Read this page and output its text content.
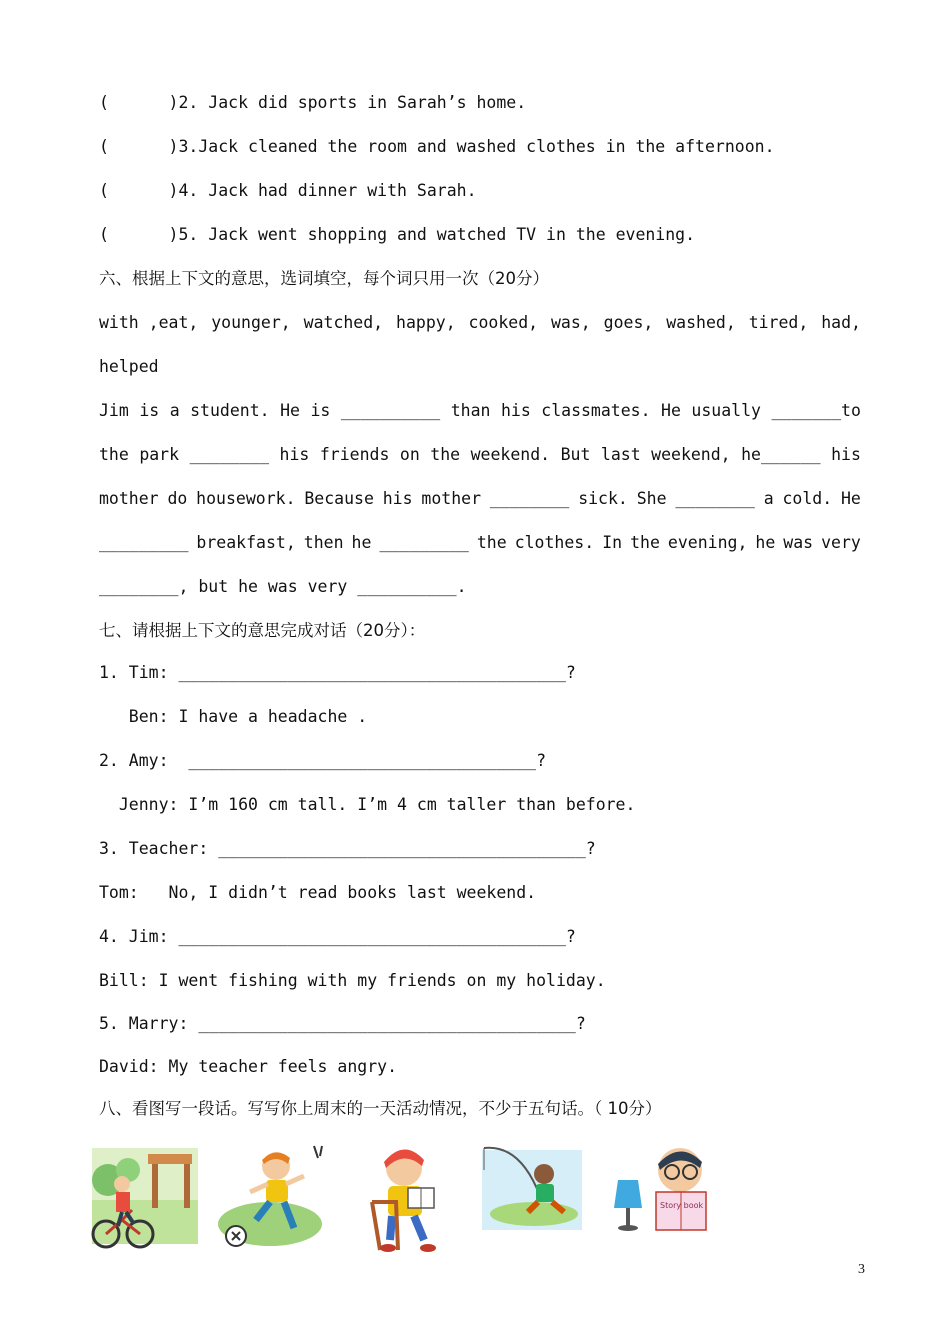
(      )2. Jack did sports in Sarah’s home.
(      )3.Jack cleaned the room and washed clothes in the afternoon.
(      )4. Jack had dinner with Sarah.
(      )5. Jack went shopping and watched TV in the evening.
六、根据上下文的意思，选词填空，每个词只用一次（20分）
with ,eat, younger, watched, happy, cooked, was, goes, washed, tired, had,
helped
Jim is a student. He is __________ than his classmates. He usually _______to
the park ________ his friends on the weekend. But last weekend, he______ his
mother do housework. Because his mother ________ sick. She ________ a cold. He
_________ breakfast, then he _________ the clothes. In the evening, he was very
________, but he was very __________.
七、请根据上下文的意思完成对话（20分）：
1. Tim: _______________________________________?
Ben: I have a headache .
2. Amy:  ___________________________________?
Jenny: I’m 160 cm tall. I’m 4 cm taller than before.
3. Teacher: _____________________________________?
Tom:   No, I didn’t read books last weekend.
4. Jim: _______________________________________?
Bill: I went fishing with my friends on my holiday.
5. Marry: ______________________________________?
David: My teacher feels angry.
八、看图写一段话。写写你上周末的一天活动情况，不少于五句话。（ 10分）
Story book
3
